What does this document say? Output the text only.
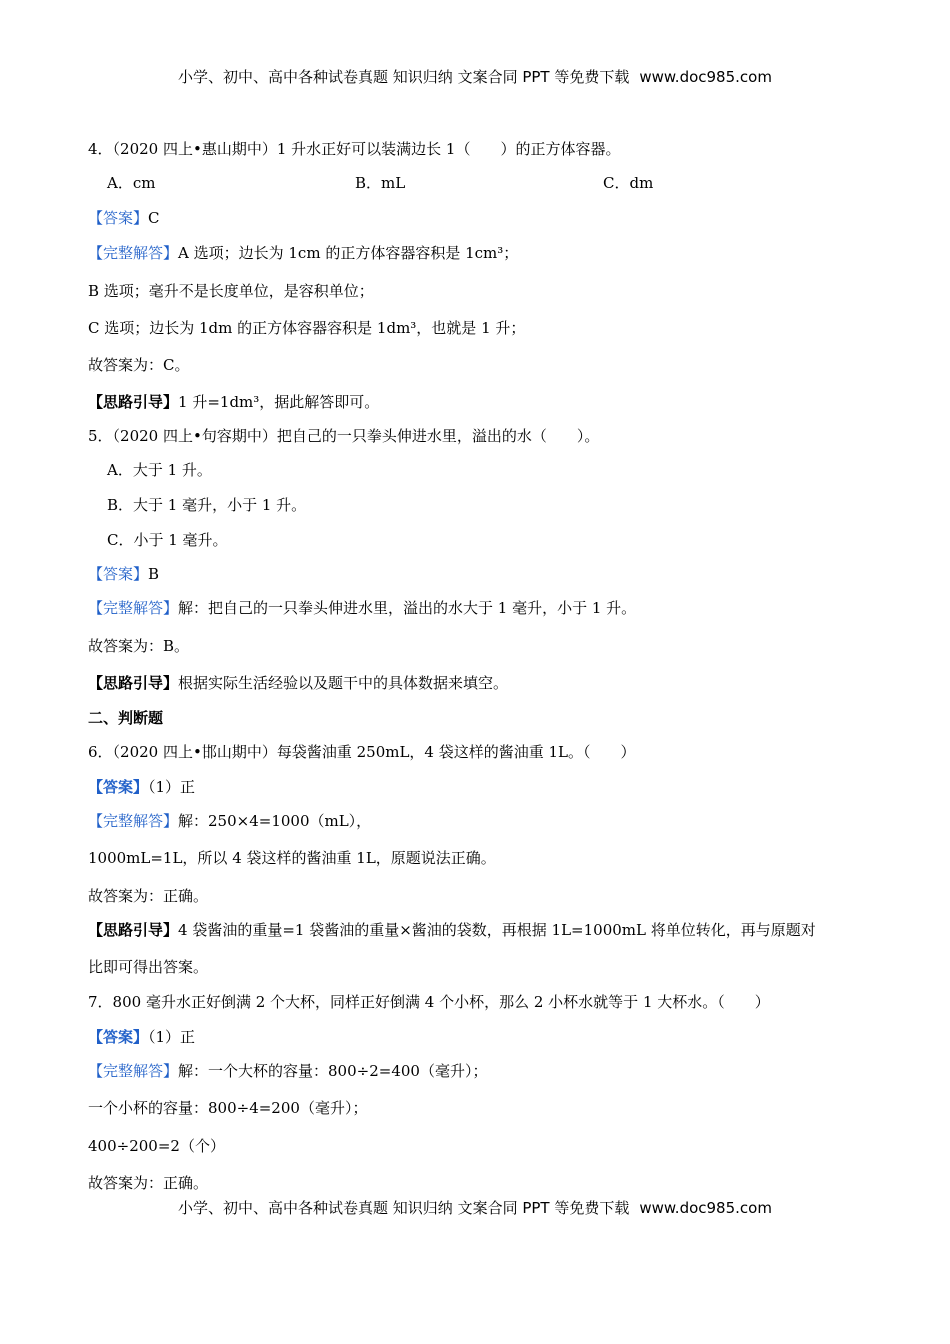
小学、初中、高中各种试卷真题 知识归纳 文案合同 PPT 等免费下载 www.doc985.com
4．（2020 四上•惠山期中）1 升水正好可以装满边长 1（　　）的正方体容器。
A．cm	B．mL	C．dm
【答案】C
【完整解答】A 选项；边长为 1cm 的正方体容器容积是 1cm³；
B 选项；毫升不是长度单位，是容积单位；
C 选项；边长为 1dm 的正方体容器容积是 1dm³，也就是 1 升；
故答案为：C。
【思路引导】1 升=1dm³，据此解答即可。
5．（2020 四上•句容期中）把自己的一只拳头伸进水里，溢出的水（　　）。
A．大于 1 升。
B．大于 1 毫升，小于 1 升。
C．小于 1 毫升。
【答案】B
【完整解答】解：把自己的一只拳头伸进水里，溢出的水大于 1 毫升，小于 1 升。
故答案为：B。
【思路引导】根据实际生活经验以及题干中的具体数据来填空。
二、判断题
6．（2020 四上•邯山期中）每袋酱油重 250mL，4 袋这样的酱油重 1L。（　　）
【答案】（1）正
【完整解答】解：250×4=1000（mL），
1000mL=1L，所以 4 袋这样的酱油重 1L，原题说法正确。
故答案为：正确。
【思路引导】4 袋酱油的重量=1 袋酱油的重量×酱油的袋数，再根据 1L=1000mL 将单位转化，再与原题对
比即可得出答案。
7．800 毫升水正好倒满 2 个大杯，同样正好倒满 4 个小杯，那么 2 小杯水就等于 1 大杯水。（　　）
【答案】（1）正
【完整解答】解：一个大杯的容量：800÷2=400（毫升）；
一个小杯的容量：800÷4=200（毫升）；
400÷200=2（个）
故答案为：正确。
小学、初中、高中各种试卷真题 知识归纳 文案合同 PPT 等免费下载 www.doc985.com
